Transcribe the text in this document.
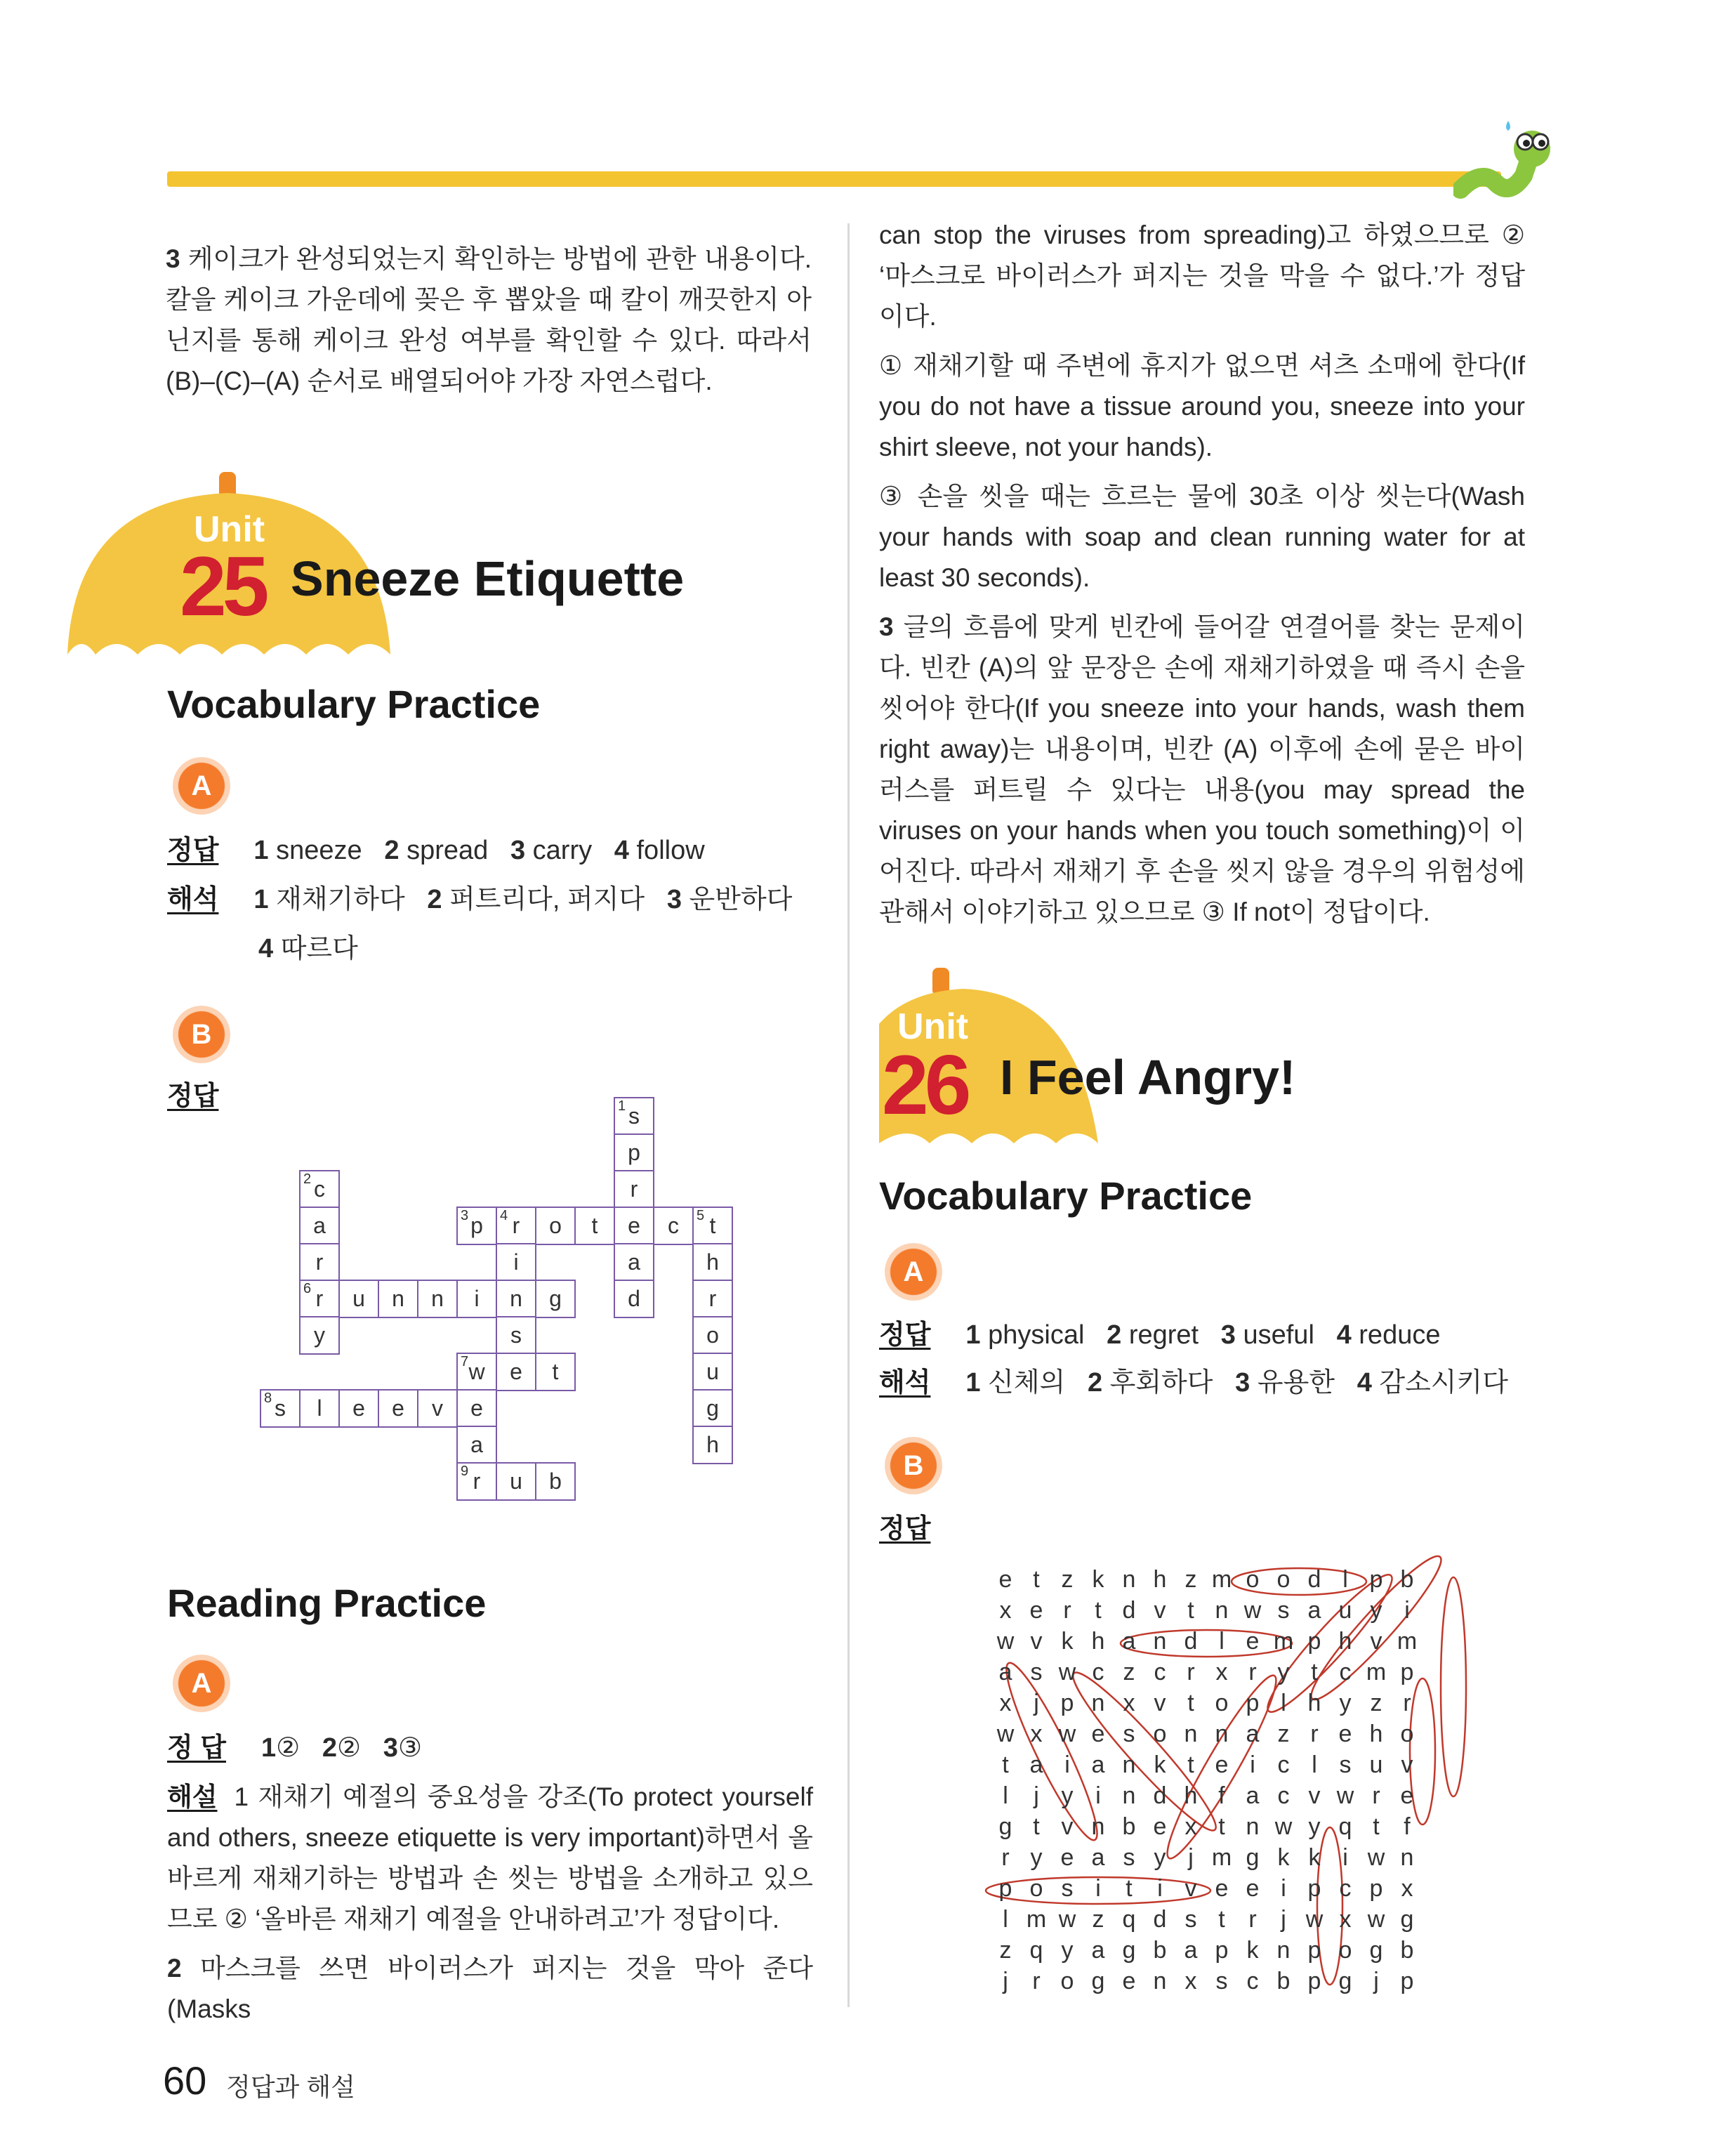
3 케이크가 완성되었는지 확인하는 방법에 관한 내용이다. 칼을 케이크 가운데에 꽂은 후 뽑았을 때 칼이 깨끗한지 아닌지를 통해 케이크 완성 여부를 확인할 수 있다. 따라서 (B)–(C)–(A) 순서로 배열되어야 가장 자연스럽다.

Unit
25 Sneeze Etiquette
Vocabulary Practice
A
정답 1 sneeze 2 spread 3 carry 4 follow
해석 1 재채기하다 2 퍼트리다, 퍼지다 3 운반하다
4 따르다
B
정답	1 s
p
r
e
a
d
2 c
a
r
6 r
y
3 p	4 r	o	t	c	5 t
i
n
s
u	n	n	i	g
h
r
o
u
g
h
7 w	e	t
8 s	l	e	e	v	e
a
9 r	u	b
Reading Practice
A
정 답 1② 2② 3③

해설 1 재채기 예절의 중요성을 강조(To protect yourself and others, sneeze etiquette is very important)하면서 올바르게 재채기하는 방법과 손 씻는 방법을 소개하고 있으므로 ② ‘올바른 재채기 예절을 안내하려고’가 정답이다.

2 마스크를 쓰면 바이러스가 퍼지는 것을 막아 준다(Masks

can stop the viruses from spreading)고 하였으므로 ② ‘마스크로 바이러스가 퍼지는 것을 막을 수 없다.’가 정답이다.

① 재채기할 때 주변에 휴지가 없으면 셔츠 소매에 한다(If you do not have a tissue around you, sneeze into your shirt sleeve, not your hands).

③ 손을 씻을 때는 흐르는 물에 30초 이상 씻는다(Wash your hands with soap and clean running water for at least 30 seconds).

3 글의 흐름에 맞게 빈칸에 들어갈 연결어를 찾는 문제이다. 빈칸 (A)의 앞 문장은 손에 재채기하였을 때 즉시 손을 씻어야 한다(If you sneeze into your hands, wash them right away)는 내용이며, 빈칸 (A) 이후에 손에 묻은 바이러스를 퍼트릴 수 있다는 내용(you may spread the viruses on your hands when you touch something)이 이어진다. 따라서 재채기 후 손을 씻지 않을 경우의 위험성에 관해서 이야기하고 있으므로 ③ If not이 정답이다.

Unit
26 I Feel Angry!
Vocabulary Practice
A
정답 1 physical 2 regret 3 useful 4 reduce
해석 1 신체의 2 후회하다 3 유용한 4 감소시키다
B
정답
e t z k n h z m o o d l p b
x e r t d v t n w s a u y i
w v k h a n d l e m p h v m
a s w c z c r x r y t c m p
x j p n x v t o p l h y z r
w x w e s o n n a z r e h o
t a i a n k t e i c l s u v
l	j y i n d h f a c v w r e
g t v n b e x t n w y q t	f
r y e a s y j m g k k i w n
p o s i	t	i v e e i p c p x
l m w z q d s t r	j w x w g
z q y a g b a p k n p o g b
j	r o g e n x s c b p g j p
60 정답과 해설
